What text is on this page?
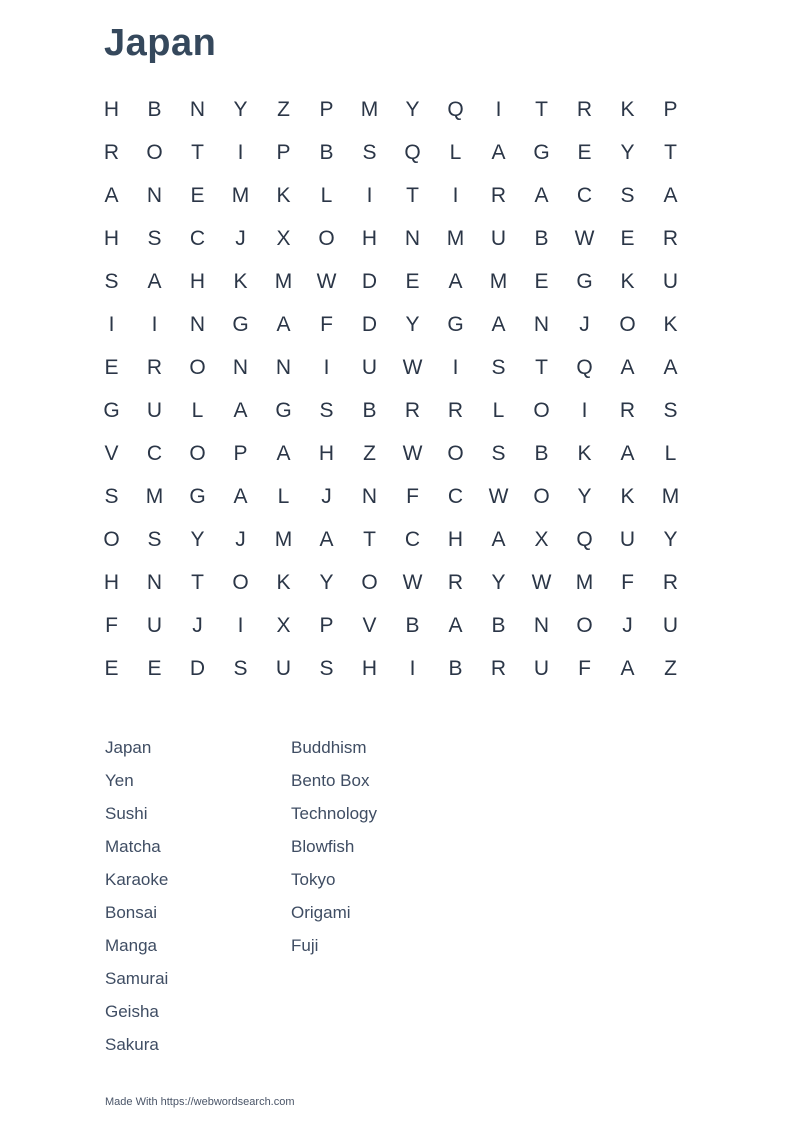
Japan
H	B	N	Y	Z	P	M	Y	Q	I	T	R	K	P
R	O	T	I	P	B	S	Q	L	A	G	E	Y	T
A	N	E	M	K	L	I	T	I	R	A	C	S	A
H	S	C	J	X	O	H	N	M	U	B	W	E	R
S	A	H	K	M	W	D	E	A	M	E	G	K	U
I	I	N	G	A	F	D	Y	G	A	N	J	O	K
E	R	O	N	N	I	U	W	I	S	T	Q	A	A
G	U	L	A	G	S	B	R	R	L	O	I	R	S
V	C	O	P	A	H	Z	W	O	S	B	K	A	L
S	M	G	A	L	J	N	F	C	W	O	Y	K	M
O	S	Y	J	M	A	T	C	H	A	X	Q	U	Y
H	N	T	O	K	Y	O	W	R	Y	W	M	F	R
F	U	J	I	X	P	V	B	A	B	N	O	J	U
E	E	D	S	U	S	H	I	B	R	U	F	A	Z
Japan
Yen
Sushi
Matcha
Karaoke
Bonsai
Manga
Samurai
Geisha
Sakura
Buddhism
Bento Box
Technology
Blowfish
Tokyo
Origami
Fuji
Made With https://webwordsearch.com
